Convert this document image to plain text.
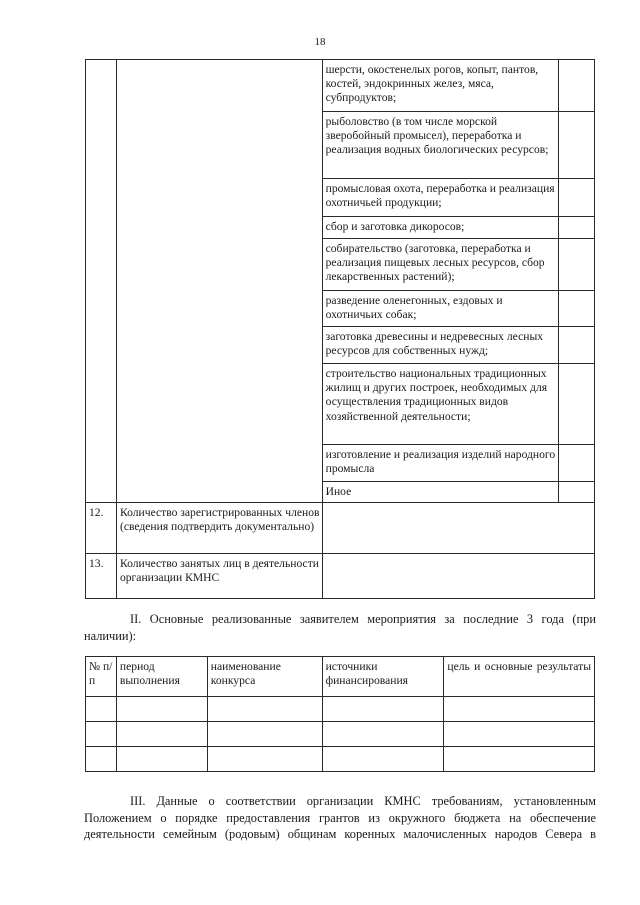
18
		шерсти, окостенелых рогов, копыт, пантов, костей, эндокринных желез, мяса, субпродуктов;	
		рыболовство (в том числе морской зверобойный промысел), переработка и реализация водных биологических ресурсов;	
		промысловая охота, переработка и реализация охотничьей продукции;	
		сбор и заготовка дикоросов;	
		собирательство (заготовка, переработка и реализация пищевых лесных ресурсов, сбор лекарственных растений);	
		разведение оленегонных, ездовых и охотничьих собак;	
		заготовка древесины и недревесных лесных ресурсов для собственных нужд;	
		строительство национальных традиционных жилищ и других построек, необходимых для осуществления традиционных видов хозяйственной деятельности;	
		изготовление и реализация изделий народного промысла	
		Иное	
12.	Количество зарегистрированных членов (сведения подтвердить документально)		
13.	Количество занятых лиц в деятельности организации КМНС		
II. Основные реализованные заявителем мероприятия за последние 3 года (при наличии):
№ п/п	период выполнения	наименование конкурса	источники финансирования	цель и основные результаты

III. Данные о соответствии организации КМНС требованиям, установленным Положением о порядке предоставления грантов из окружного бюджета на обеспечение деятельности семейным (родовым) общинам коренных малочисленных народов Севера в
